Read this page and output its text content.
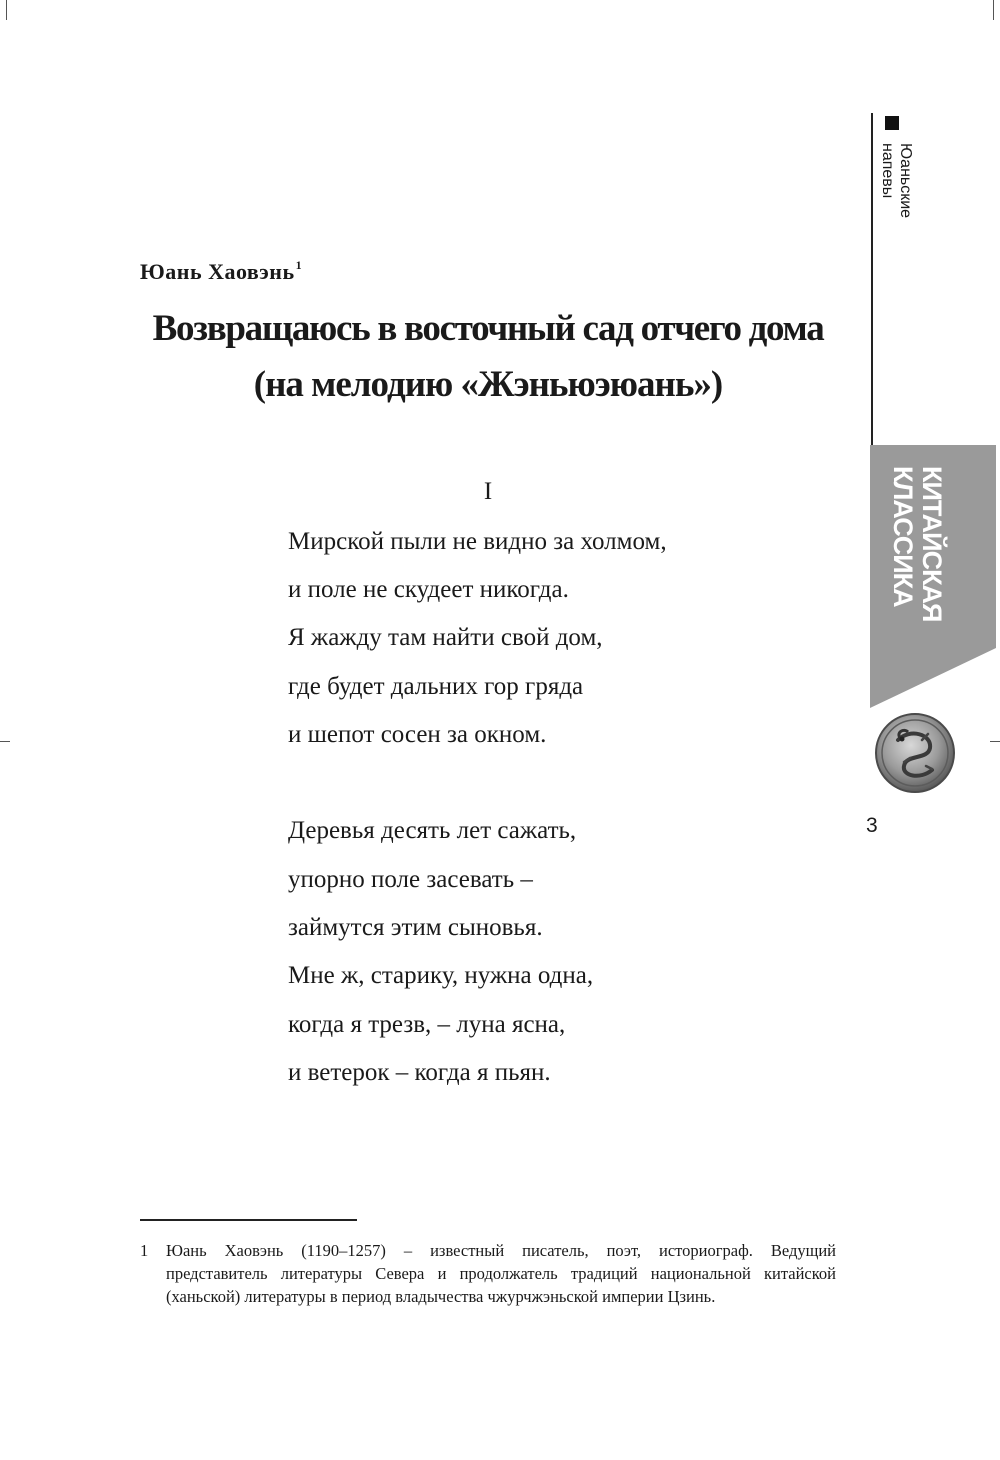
Юань Хаовэнь$^1$
Возвращаюсь в восточный сад отчего дома
(на мелодию «Жэньюэюань»)
I
Мирской пыли не видно за холмом,
и поле не скудеет никогда.
Я жажду там найти свой дом,
где будет дальних гор гряда
и шепот сосен за окном.
Деревья десять лет сажать,
упорно поле засевать –
займутся этим сыновья.
Мне ж, старику, нужна одна,
когда я трезв, – луна ясна,
и ветерок – когда я пьян.
1 Юань Хаовэнь (1190–1257) – известный писатель, поэт, историограф. Ведущий
представитель литературы Севера и продолжатель традиций национальной китайской
(ханьской) литературы в период владычества чжурчжэньской империи Цзинь.
Юаньские
напевы
КИТАЙСКАЯ
КЛАССИКА
3
